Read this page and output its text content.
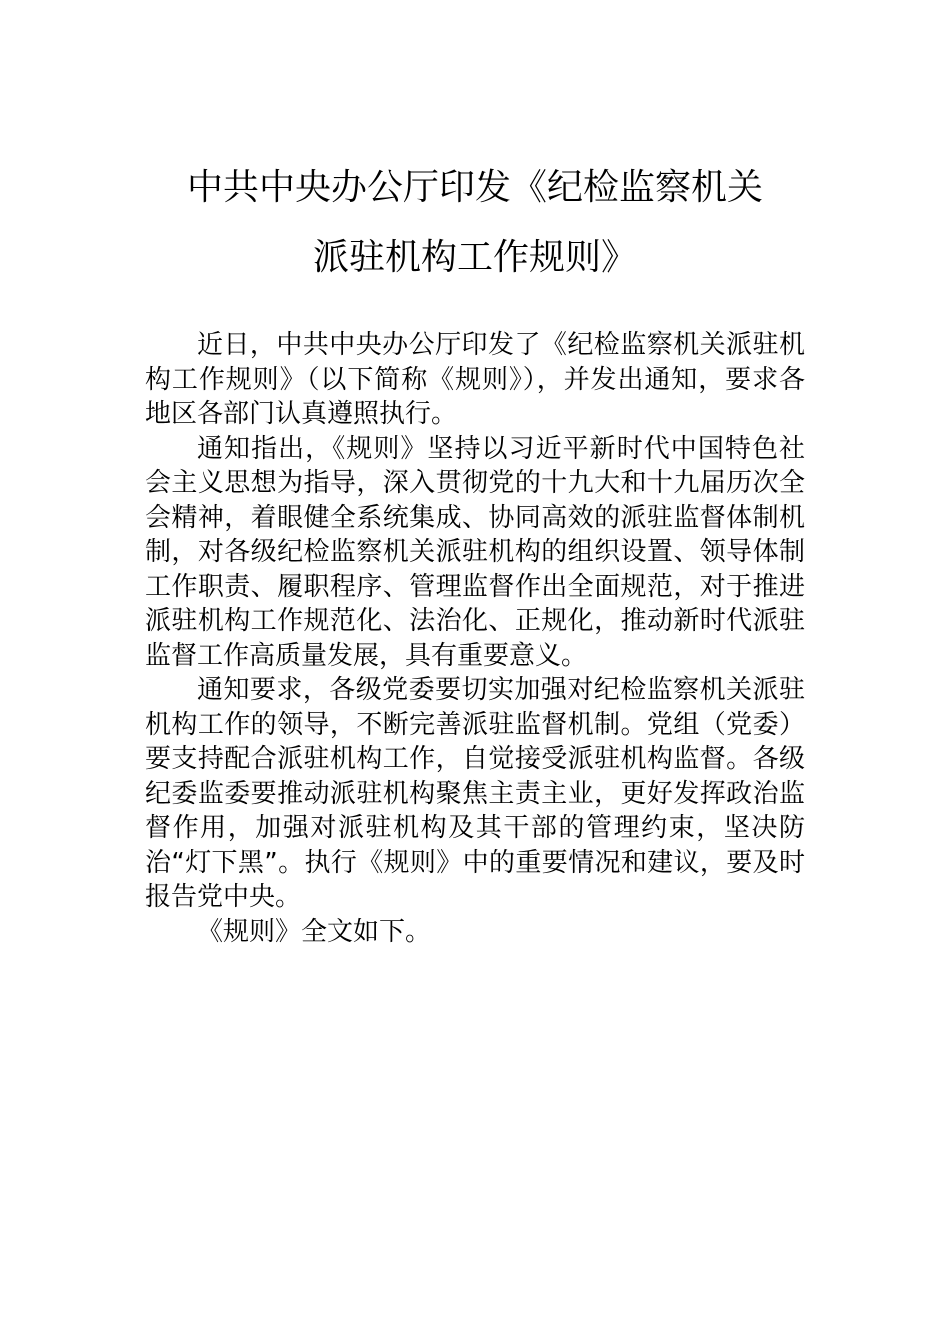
中共中央办公厅印发《纪检监察机关
派驻机构工作规则》

近日，中共中央办公厅印发了《纪检监察机关派驻机构工作规则》（以下简称《规则》），并发出通知，要求各地区各部门认真遵照执行。

通知指出，《规则》坚持以习近平新时代中国特色社会主义思想为指导，深入贯彻党的十九大和十九届历次全会精神，着眼健全系统集成、协同高效的派驻监督体制机制，对各级纪检监察机关派驻机构的组织设置、领导体制工作职责、履职程序、管理监督作出全面规范，对于推进派驻机构工作规范化、法治化、正规化，推动新时代派驻监督工作高质量发展，具有重要意义。

通知要求，各级党委要切实加强对纪检监察机关派驻机构工作的领导，不断完善派驻监督机制。党组（党委）要支持配合派驻机构工作，自觉接受派驻机构监督。各级纪委监委要推动派驻机构聚焦主责主业，更好发挥政治监督作用，加强对派驻机构及其干部的管理约束，坚决防治“灯下黑”。执行《规则》中的重要情况和建议，要及时报告党中央。

《规则》全文如下。
